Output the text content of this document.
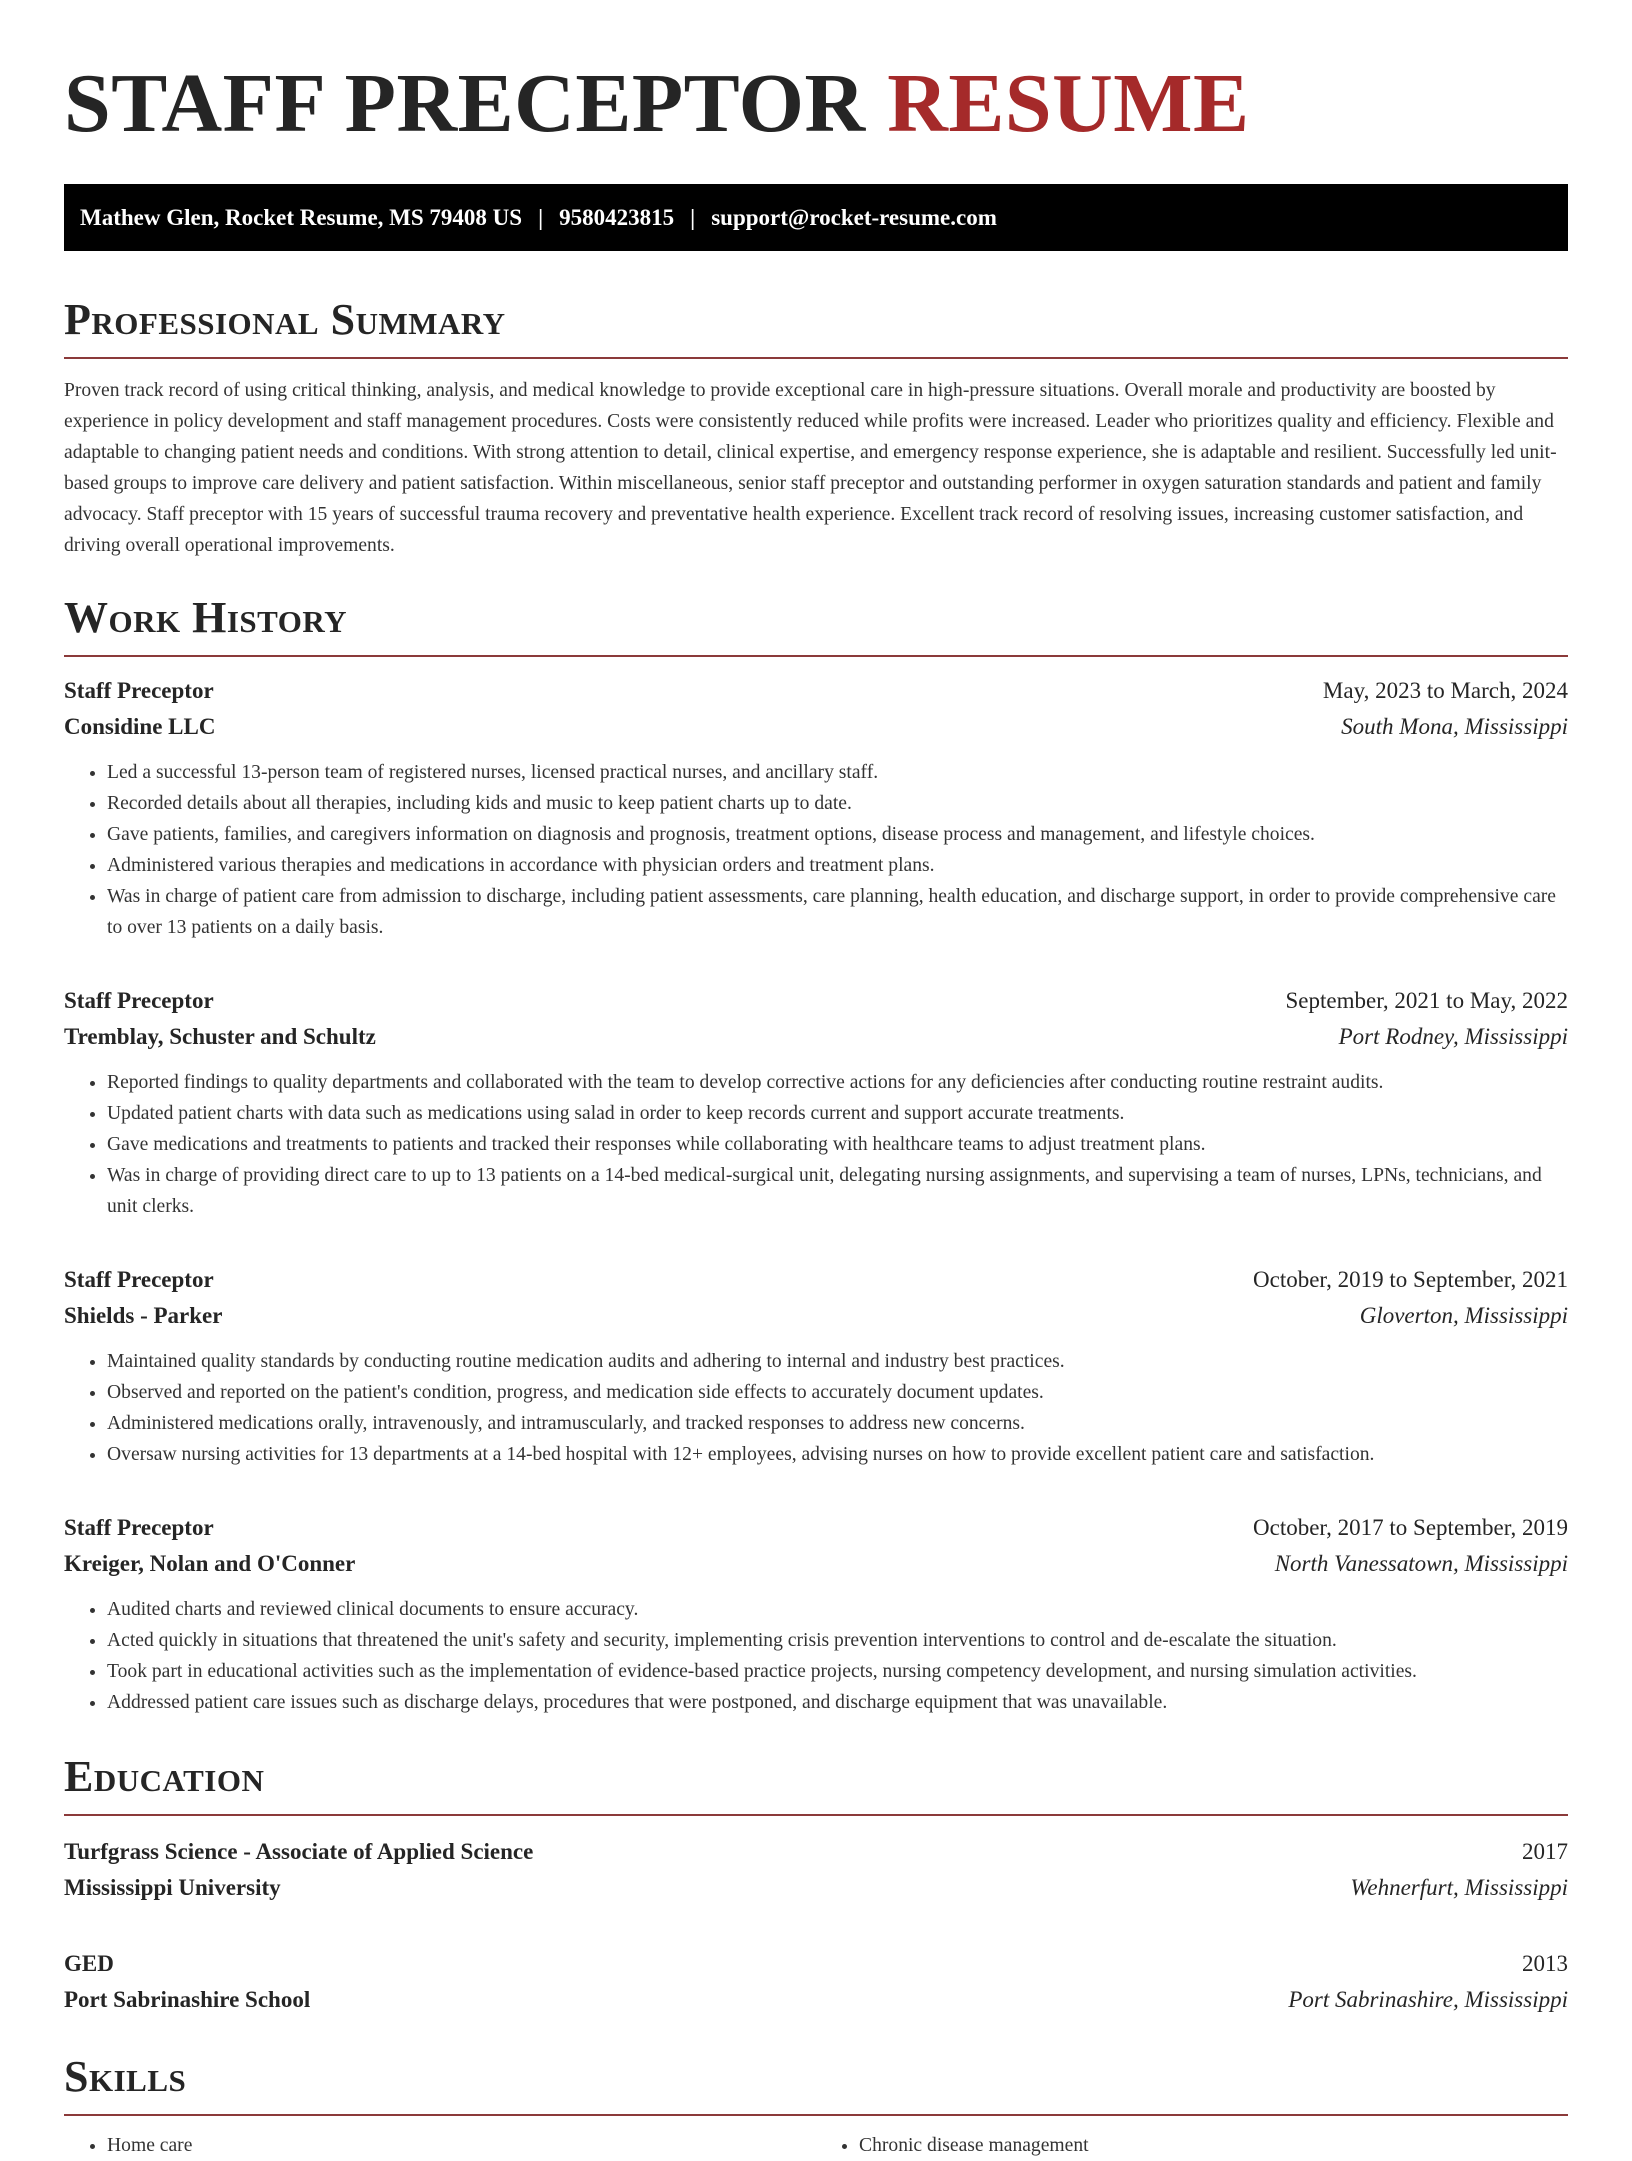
STAFF PRECEPTOR RESUME
Mathew Glen, Rocket Resume, MS 79408 US | 9580423815 | support@rocket-resume.com
Professional Summary

Proven track record of using critical thinking, analysis, and medical knowledge to provide exceptional care in high-pressure situations. Overall morale and productivity are boosted by experience in policy development and staff management procedures. Costs were consistently reduced while profits were increased. Leader who prioritizes quality and efficiency. Flexible and adaptable to changing patient needs and conditions. With strong attention to detail, clinical expertise, and emergency response experience, she is adaptable and resilient. Successfully led unit-based groups to improve care delivery and patient satisfaction. Within miscellaneous, senior staff preceptor and outstanding performer in oxygen saturation standards and patient and family advocacy. Staff preceptor with 15 years of successful trauma recovery and preventative health experience. Excellent track record of resolving issues, increasing customer satisfaction, and driving overall operational improvements.

Work History
Staff Preceptor	May, 2023 to March, 2024
Considine LLC	South Mona, Mississippi
• Led a successful 13-person team of registered nurses, licensed practical nurses, and ancillary staff.
• Recorded details about all therapies, including kids and music to keep patient charts up to date.
• Gave patients, families, and caregivers information on diagnosis and prognosis, treatment options, disease process and management, and lifestyle choices.
• Administered various therapies and medications in accordance with physician orders and treatment plans.
• Was in charge of patient care from admission to discharge, including patient assessments, care planning, health education, and discharge support, in order to provide comprehensive care to over 13 patients on a daily basis.
Staff Preceptor	September, 2021 to May, 2022
Tremblay, Schuster and Schultz	Port Rodney, Mississippi
• Reported findings to quality departments and collaborated with the team to develop corrective actions for any deficiencies after conducting routine restraint audits.
• Updated patient charts with data such as medications using salad in order to keep records current and support accurate treatments.
• Gave medications and treatments to patients and tracked their responses while collaborating with healthcare teams to adjust treatment plans.
• Was in charge of providing direct care to up to 13 patients on a 14-bed medical-surgical unit, delegating nursing assignments, and supervising a team of nurses, LPNs, technicians, and unit clerks.
Staff Preceptor	October, 2019 to September, 2021
Shields - Parker	Gloverton, Mississippi
• Maintained quality standards by conducting routine medication audits and adhering to internal and industry best practices.
• Observed and reported on the patient's condition, progress, and medication side effects to accurately document updates.
• Administered medications orally, intravenously, and intramuscularly, and tracked responses to address new concerns.
• Oversaw nursing activities for 13 departments at a 14-bed hospital with 12+ employees, advising nurses on how to provide excellent patient care and satisfaction.
Staff Preceptor	October, 2017 to September, 2019
Kreiger, Nolan and O'Conner	North Vanessatown, Mississippi
• Audited charts and reviewed clinical documents to ensure accuracy.
• Acted quickly in situations that threatened the unit's safety and security, implementing crisis prevention interventions to control and de-escalate the situation.
• Took part in educational activities such as the implementation of evidence-based practice projects, nursing competency development, and nursing simulation activities.
• Addressed patient care issues such as discharge delays, procedures that were postponed, and discharge equipment that was unavailable.
Education
Turfgrass Science - Associate of Applied Science	2017
Mississippi University	Wehnerfurt, Mississippi
GED	2013
Port Sabrinashire School	Port Sabrinashire, Mississippi
Skills
• Home care
•	Chronic disease management
